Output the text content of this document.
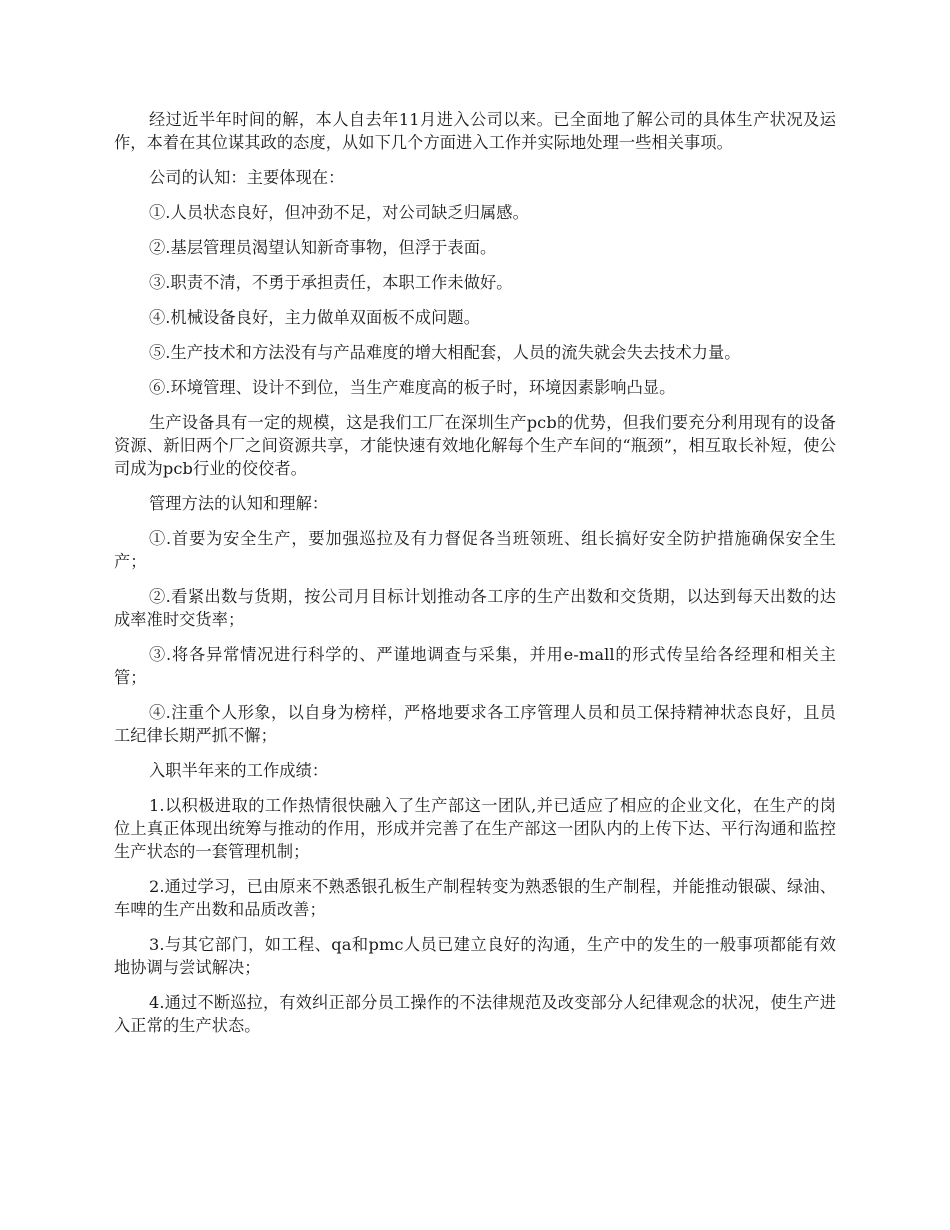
经过近半年时间的解，本人自去年11月进入公司以来。已全面地了解公司的具体生产状况及运作，本着在其位谋其政的态度，从如下几个方面进入工作并实际地处理一些相关事项。

公司的认知：主要体现在：

①.人员状态良好，但冲劲不足，对公司缺乏归属感。

②.基层管理员渴望认知新奇事物，但浮于表面。

③.职责不清，不勇于承担责任，本职工作未做好。

④.机械设备良好，主力做单双面板不成问题。

⑤.生产技术和方法没有与产品难度的增大相配套，人员的流失就会失去技术力量。

⑥.环境管理、设计不到位，当生产难度高的板子时，环境因素影响凸显。

生产设备具有一定的规模，这是我们工厂在深圳生产pcb的优势，但我们要充分利用现有的设备资源、新旧两个厂之间资源共享，才能快速有效地化解每个生产车间的“瓶颈”，相互取长补短，使公司成为pcb行业的佼佼者。

管理方法的认知和理解：

①.首要为安全生产，要加强巡拉及有力督促各当班领班、组长搞好安全防护措施确保安全生产；

②.看紧出数与货期，按公司月目标计划推动各工序的生产出数和交货期，以达到每天出数的达成率准时交货率；

③.将各异常情况进行科学的、严谨地调查与采集，并用e-mall的形式传呈给各经理和相关主管；

④.注重个人形象，以自身为榜样，严格地要求各工序管理人员和员工保持精神状态良好，且员工纪律长期严抓不懈；

入职半年来的工作成绩：

1.以积极进取的工作热情很快融入了生产部这一团队,并已适应了相应的企业文化，在生产的岗位上真正体现出统筹与推动的作用，形成并完善了在生产部这一团队内的上传下达、平行沟通和监控生产状态的一套管理机制；

2.通过学习，已由原来不熟悉银孔板生产制程转变为熟悉银的生产制程，并能推动银碳、绿油、车啤的生产出数和品质改善；

3.与其它部门，如工程、qa和pmc人员已建立良好的沟通，生产中的发生的一般事项都能有效地协调与尝试解决；

4.通过不断巡拉，有效纠正部分员工操作的不法律规范及改变部分人纪律观念的状况，使生产进入正常的生产状态。
